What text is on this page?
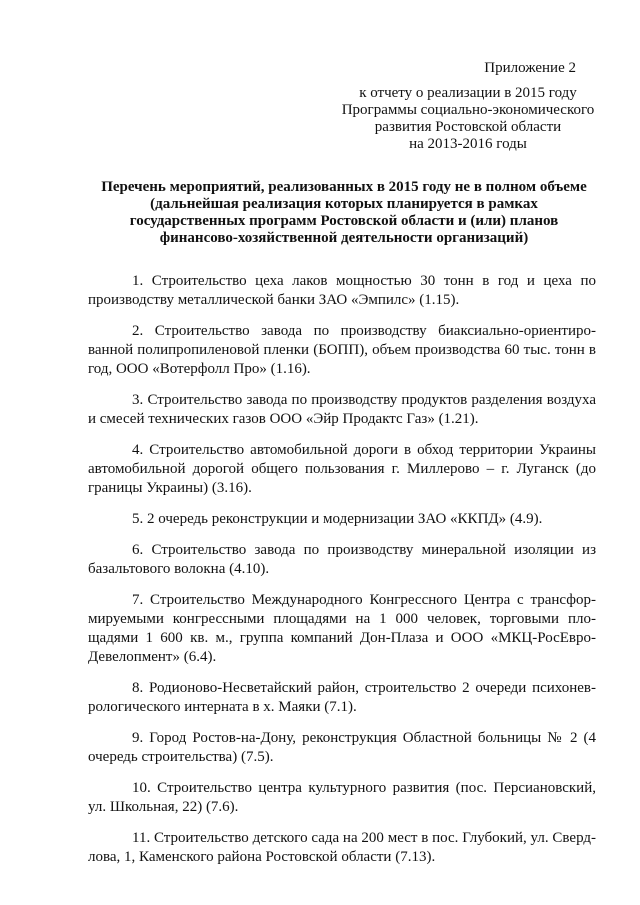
Приложение 2
к отчету о реализации в 2015 году
Программы социально-экономического
развития Ростовской области
на 2013-2016 годы
Перечень мероприятий, реализованных в 2015 году не в полном объеме
(дальнейшая реализация которых планируется в рамках
государственных программ Ростовской области и (или) планов
финансово-хозяйственной деятельности организаций)

1. Строительство цеха лаков мощностью 30 тонн в год и цеха по производству металлической банки ЗАО «Эмпилс» (1.15).

2. Строительство завода по производству биаксиально-ориентированной полипропиленовой пленки (БОПП), объем производства 60 тыс. тонн в год, ООО «Вотерфолл Про» (1.16).

3. Строительство завода по производству продуктов разделения воздуха и смесей технических газов ООО «Эйр Продактс Газ» (1.21).

4. Строительство автомобильной дороги в обход территории Украины автомобильной дорогой общего пользования г. Миллерово – г. Луганск (до границы Украины) (3.16).

5. 2 очередь реконструкции и модернизации ЗАО «ККПД» (4.9).

6. Строительство завода по производству минеральной изоляции из базальтового волокна (4.10).

7. Строительство Международного Конгрессного Центра с трансформируемыми конгрессными площадями на 1 000 человек, торговыми площадями 1 600 кв. м., группа компаний Дон-Плаза и ООО «МКЦ-РосЕвро-Девелопмент» (6.4).

8. Родионово-Несветайский район, строительство 2 очереди психоневрологического интерната в х. Маяки (7.1).

9. Город Ростов-на-Дону, реконструкция Областной больницы № 2 (4 очередь строительства) (7.5).

10. Строительство центра культурного развития (пос. Персиановский, ул. Школьная, 22) (7.6).

11. Строительство детского сада на 200 мест в пос. Глубокий, ул. Свердлова, 1, Каменского района Ростовской области (7.13).
